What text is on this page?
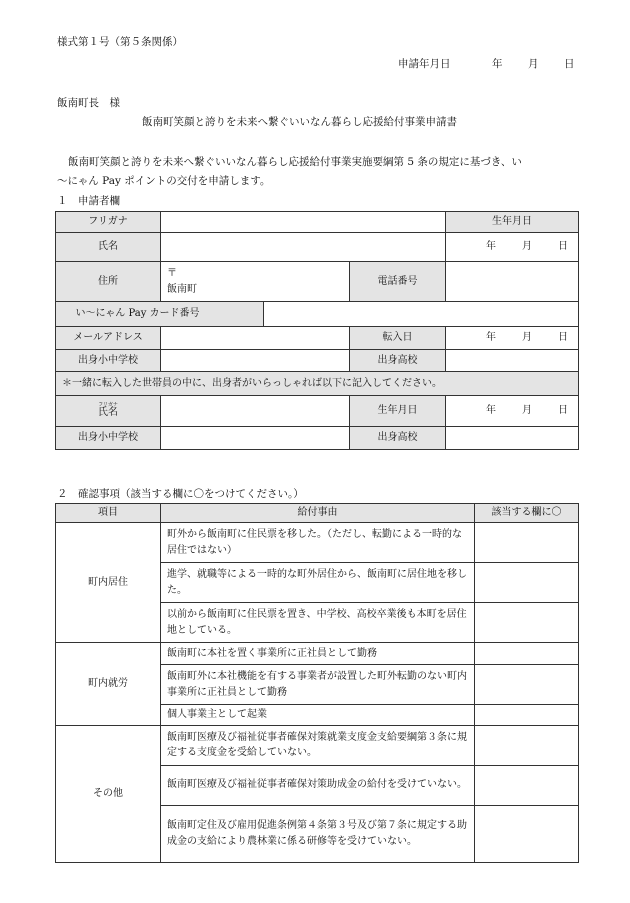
様式第１号（第５条関係）
申請年月日	年 月 日
飯南町長　様
飯南町笑顔と誇りを未来へ繋ぐいいなん暮らし応援給付事業申請書
飯南町笑顔と誇りを未来へ繋ぐいいなん暮らし応援給付事業実施要綱第 5 条の規定に基づき、い
〜にゃん Pay ポイントの交付を申請します。
１　申請者欄
フリガナ				生年月日
氏名				年 月 日

住所	〒
飯南町		電話番号	
い〜にゃん Pay カード番号				
メールアドレス			転入日	年 月 日

出身小中学校			出身高校	
＊一緒に転入した世帯員の中に、出身者がいらっしゃれば以下に記入してください。				

フリガナ
氏名			生年月日	年 月 日

出身小中学校			出身高校	
２　確認事項（該当する欄に〇をつけてください。）
項目	給付事由	該当する欄に〇
町内居住	町外から飯南町に住民票を移した。（ただし、転勤による一時的な居住ではない）	
	進学、就職等による一時的な町外居住から、飯南町に居住地を移した。	
	以前から飯南町に住民票を置き、中学校、高校卒業後も本町を居住地としている。	
町内就労	飯南町に本社を置く事業所に正社員として勤務	
	飯南町外に本社機能を有する事業者が設置した町外転勤のない町内事業所に正社員として勤務	
	個人事業主として起業	
その他	飯南町医療及び福祉従事者確保対策就業支度金支給要綱第３条に規定する支度金を受給していない。	
	飯南町医療及び福祉従事者確保対策助成金の給付を受けていない。	
	飯南町定住及び雇用促進条例第４条第３号及び第７条に規定する助成金の支給により農林業に係る研修等を受けていない。	
